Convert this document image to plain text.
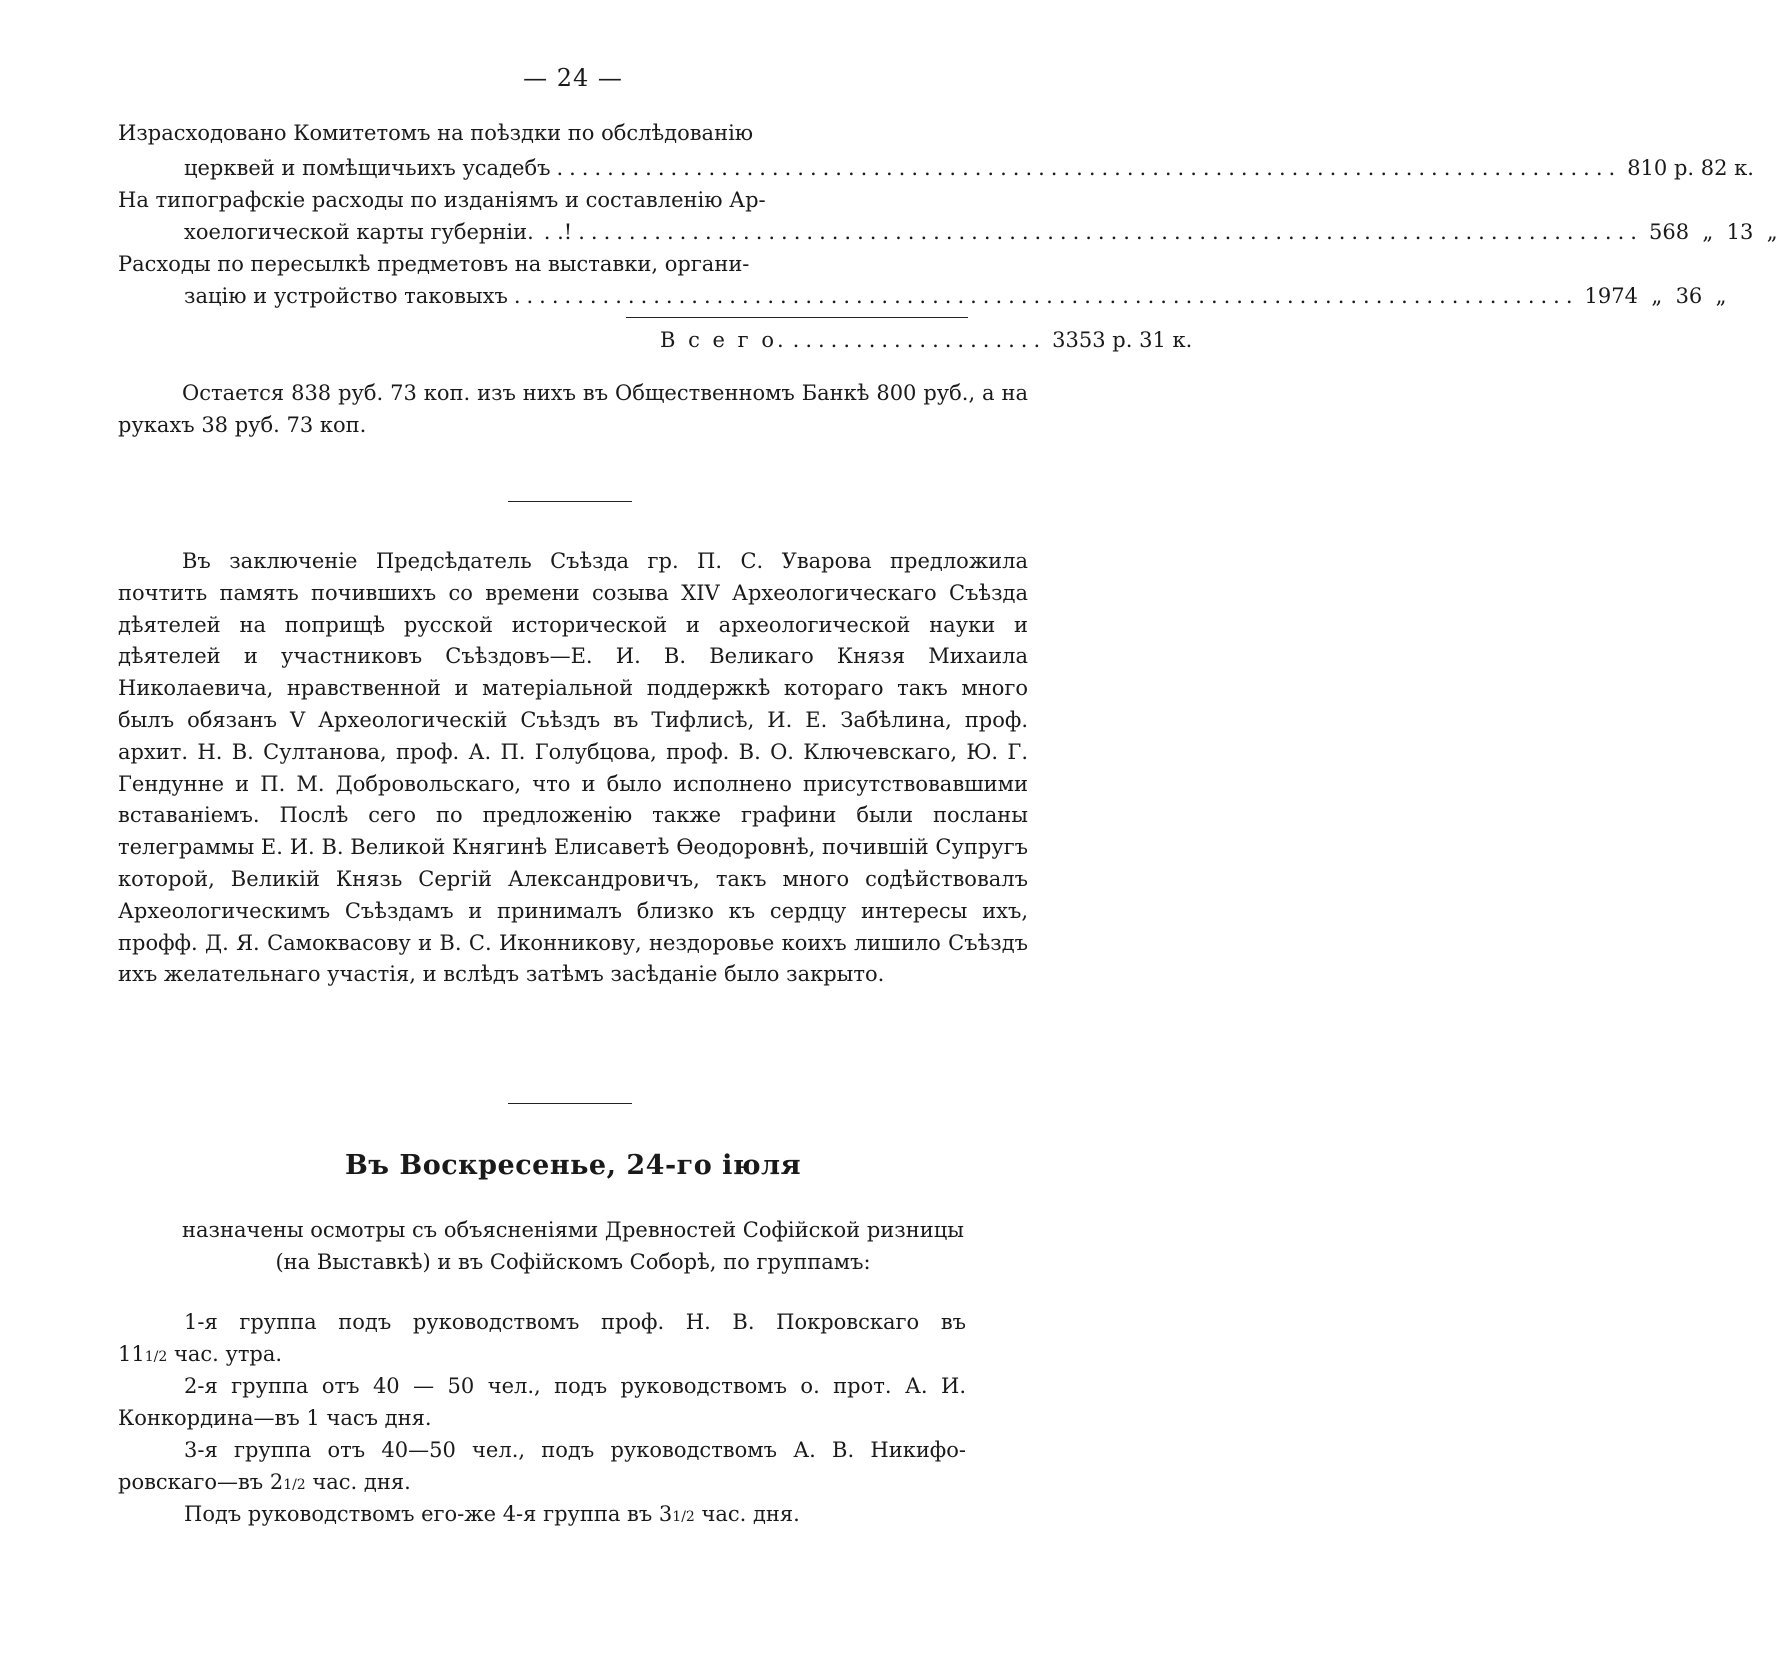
— 24 —
Израсходовано Комитетомъ на поѣздки по обслѣдованію
церквей и помѣщичьихъ усадебъ .................................................................................... 810 р. 82 к.
На типографскіе расходы по изданіямъ и составленію Ар-
хоелогической карты губерніи. . .! .................................................................................... 568  „  13  „
Расходы по пересылкѣ предметовъ на выставки, органи-
зацію и устройство таковыхъ .................................................................................... 1974  „  36  „
В с е г о. .................... 3353 р. 31 к.
Остается 838 руб. 73 коп. изъ нихъ въ Общественномъ Банкѣ 800 руб., а на рукахъ 38 руб. 73 коп.
Въ заключеніе Предсѣдатель Съѣзда гр. П. С. Уварова предложила почтить память почившихъ со времени созыва XIV Археологическаго Съѣзда дѣятелей на поприщѣ русской исторической и археологической науки и дѣятелей и участниковъ Съѣздовъ—Е. И. В. Великаго Князя Михаила Николаевича, нравственной и матеріальной поддержкѣ котораго такъ много былъ обязанъ V Археологическій Съѣздъ въ Тифлисѣ, И. Е. Забѣлина, проф. архит. Н. В. Султанова, проф. А. П. Голубцова, проф. В. О. Ключевскаго, Ю. Г. Гендунне и П. М. Добровольскаго, что и было исполнено присутствовавшими вставаніемъ. Послѣ сего по предложенію также графини были посланы телеграммы Е. И. В. Великой Княгинѣ Елисаветѣ Ѳеодоровнѣ, почившій Супругъ которой, Великій Князь Сергій Александровичъ, такъ много содѣйствовалъ Археологическимъ Съѣздамъ и принималъ близко къ сердцу интересы ихъ, профф. Д. Я. Самоквасову и В. С. Иконникову, нездоровье коихъ лишило Съѣздъ ихъ желательнаго участія, и вслѣдъ затѣмъ засѣданіе было закрыто.
Въ Воскресенье, 24-го іюля
назначены осмотры съ объясненіями Древностей Софійской ризницы
(на Выставкѣ) и въ Софійскомъ Соборѣ, по группамъ:
1-я группа подъ руководствомъ проф. Н. В. Покровскаго въ
111/2 час. утра.
2-я группа отъ 40 — 50 чел., подъ руководствомъ о. прот. А. И.
Конкордина—въ 1 часъ дня.
3-я группа отъ 40—50 чел., подъ руководствомъ А. В. Никифо-
ровскаго—въ 21/2 час. дня.
Подъ руководствомъ его-же 4-я группа въ 31/2 час. дня.
